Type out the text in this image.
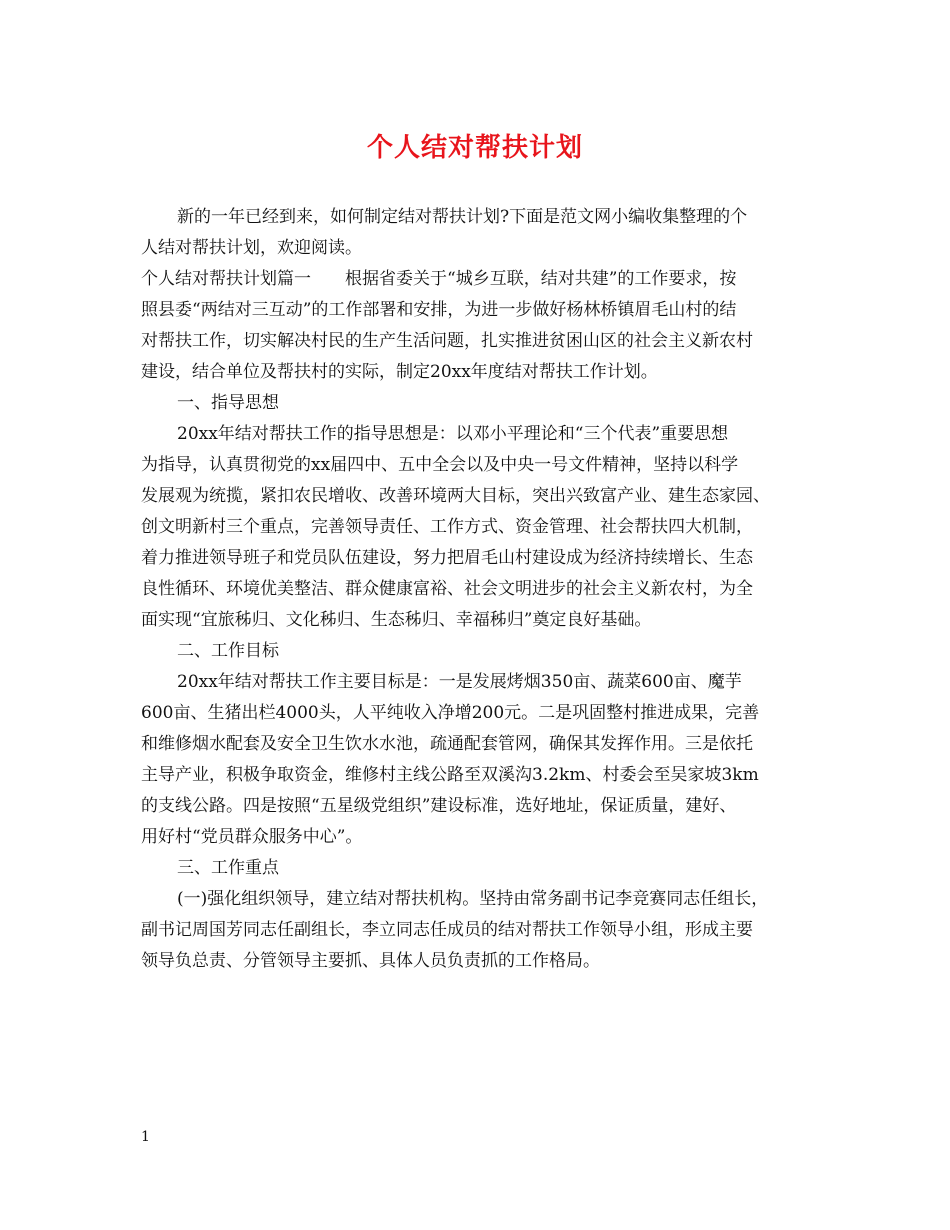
个人结对帮扶计划
新的一年已经到来，如何制定结对帮扶计划?下面是范文网小编收集整理的个
人结对帮扶计划，欢迎阅读。
个人结对帮扶计划篇一　　根据省委关于“城乡互联，结对共建”的工作要求，按
照县委“两结对三互动”的工作部署和安排，为进一步做好杨林桥镇眉毛山村的结
对帮扶工作，切实解决村民的生产生活问题，扎实推进贫困山区的社会主义新农村
建设，结合单位及帮扶村的实际，制定20xx年度结对帮扶工作计划。
一、指导思想
20xx年结对帮扶工作的指导思想是：以邓小平理论和“三个代表”重要思想
为指导，认真贯彻党的xx届四中、五中全会以及中央一号文件精神，坚持以科学
发展观为统揽，紧扣农民增收、改善环境两大目标，突出兴致富产业、建生态家园、
创文明新村三个重点，完善领导责任、工作方式、资金管理、社会帮扶四大机制，
着力推进领导班子和党员队伍建设，努力把眉毛山村建设成为经济持续增长、生态
良性循环、环境优美整洁、群众健康富裕、社会文明进步的社会主义新农村，为全
面实现“宜旅秭归、文化秭归、生态秭归、幸福秭归”奠定良好基础。
二、工作目标
20xx年结对帮扶工作主要目标是：一是发展烤烟350亩、蔬菜600亩、魔芋
600亩、生猪出栏4000头，人平纯收入净增200元。二是巩固整村推进成果，完善
和维修烟水配套及安全卫生饮水水池，疏通配套管网，确保其发挥作用。三是依托
主导产业，积极争取资金，维修村主线公路至双溪沟3.2km、村委会至吴家坡3km
的支线公路。四是按照“五星级党组织”建设标准，选好地址，保证质量，建好、
用好村“党员群众服务中心”。
三、工作重点
(一)强化组织领导，建立结对帮扶机构。坚持由常务副书记李竞赛同志任组长，
副书记周国芳同志任副组长，李立同志任成员的结对帮扶工作领导小组，形成主要
领导负总责、分管领导主要抓、具体人员负责抓的工作格局。
1
